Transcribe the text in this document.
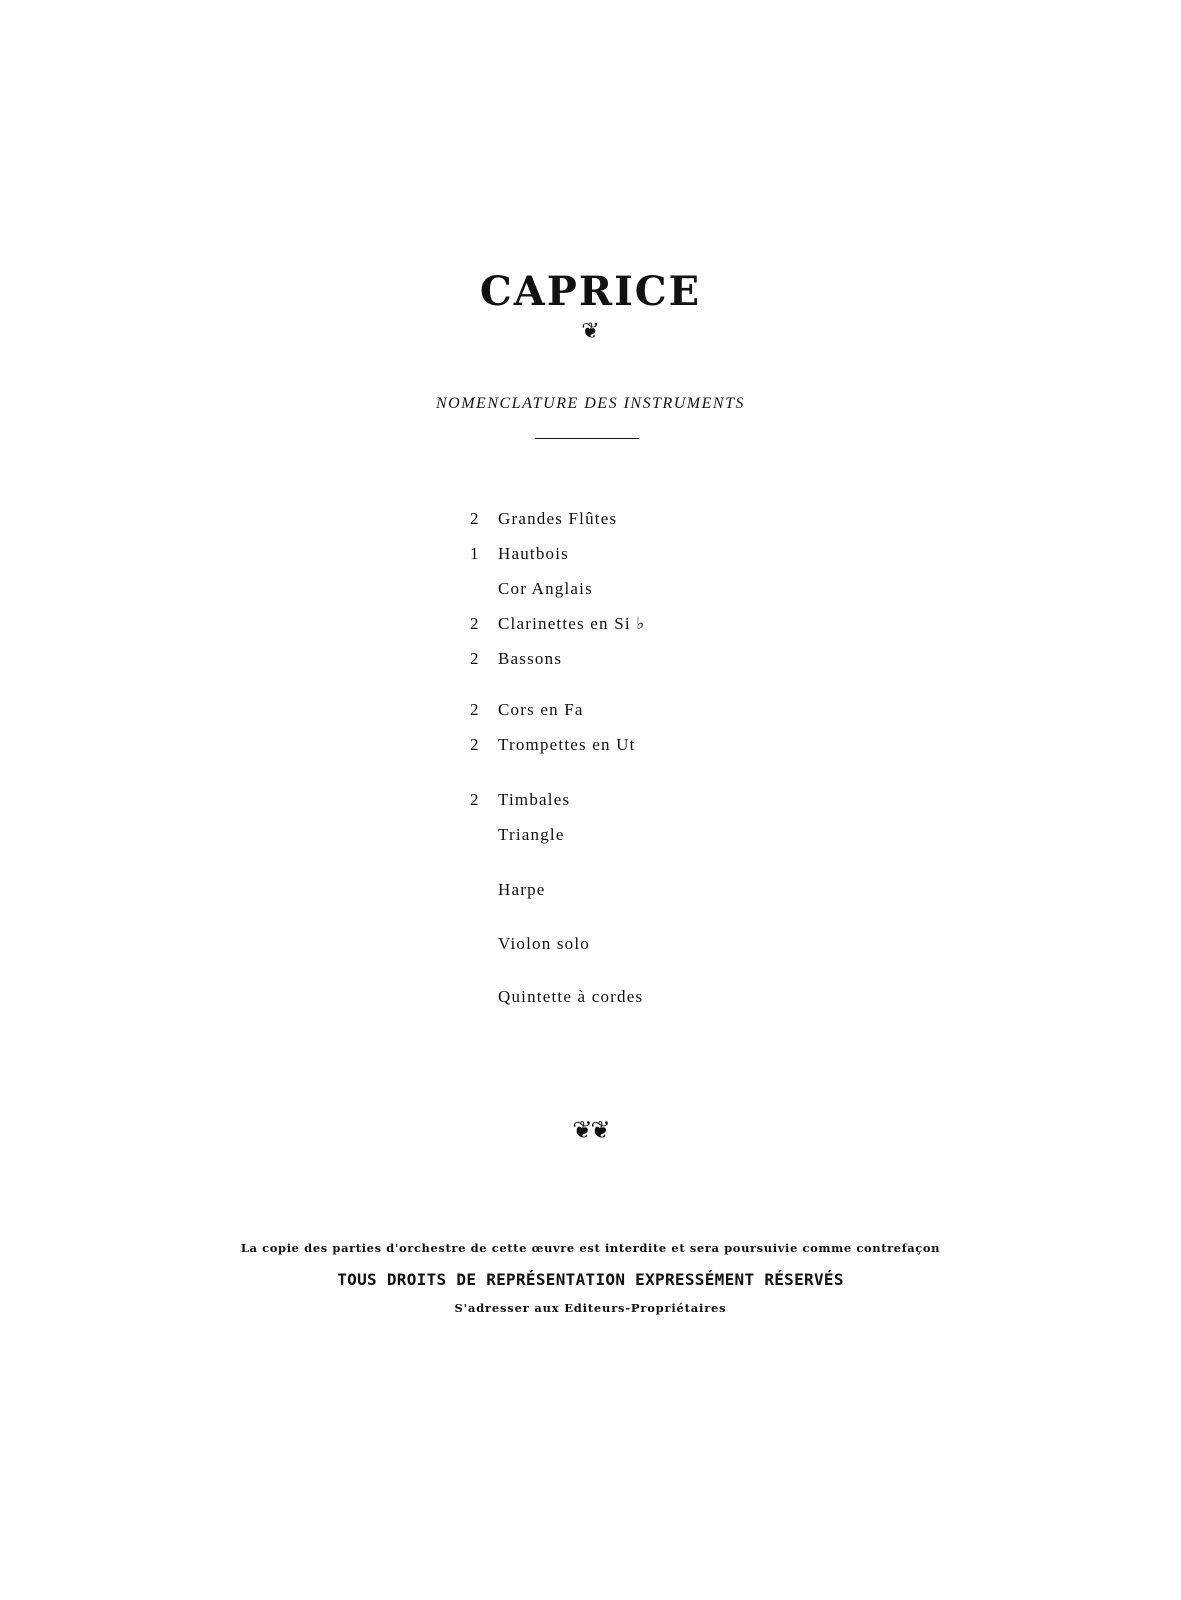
CAPRICE
❦

NOMENCLATURE DES INSTRUMENTS

2 Grandes Flûtes
1 Hautbois
Cor Anglais
2 Clarinettes en Si ♭
2 Bassons
2 Cors en Fa
2 Trompettes en Ut
2 Timbales
Triangle
Harpe
Violon solo
Quintette à cordes
❦❦
La copie des parties d'orchestre de cette œuvre est interdite et sera poursuivie comme contrefaçon
TOUS DROITS DE REPRÉSENTATION EXPRESSÉMENT RÉSERVÉS
S'adresser aux Editeurs-Propriétaires
